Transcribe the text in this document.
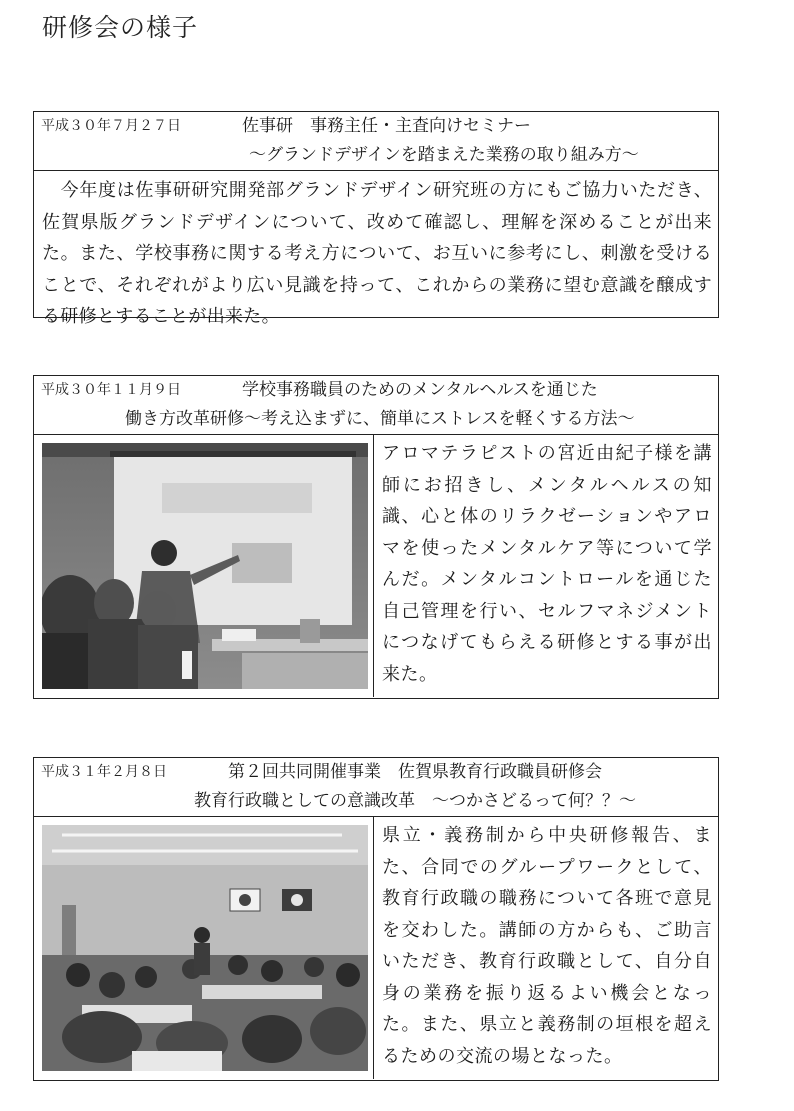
研修会の様子
平成３０年７月２７日	佐事研　事務主任・主査向けセミナー
～グランドデザインを踏まえた業務の取り組み方～
　今年度は佐事研研究開発部グランドデザイン研究班の方にもご協力いただき、佐賀県版グランドデザインについて、改めて確認し、理解を深めることが出来た。また、学校事務に関する考え方について、お互いに参考にし、刺激を受けることで、それぞれがより広い見識を持って、これからの業務に望む意識を醸成する研修とすることが出来た。
平成３０年１１月９日	学校事務職員のためのメンタルヘルスを通じた
働き方改革研修～考え込まずに、簡単にストレスを軽くする方法～
アロマテラピストの宮近由紀子様を講師にお招きし、メンタルヘルスの知識、心と体のリラクゼーションやアロマを使ったメンタルケア等について学んだ。メンタルコントロールを通じた自己管理を行い、セルフマネジメントにつなげてもらえる研修とする事が出来た。
平成３１年２月８日	第２回共同開催事業　佐賀県教育行政職員研修会
教育行政職としての意識改革　～つかさどるって何？？～
県立・義務制から中央研修報告、また、合同でのグループワークとして、教育行政職の職務について各班で意見を交わした。講師の方からも、ご助言いただき、教育行政職として、自分自身の業務を振り返るよい機会となった。また、県立と義務制の垣根を超えるための交流の場となった。
